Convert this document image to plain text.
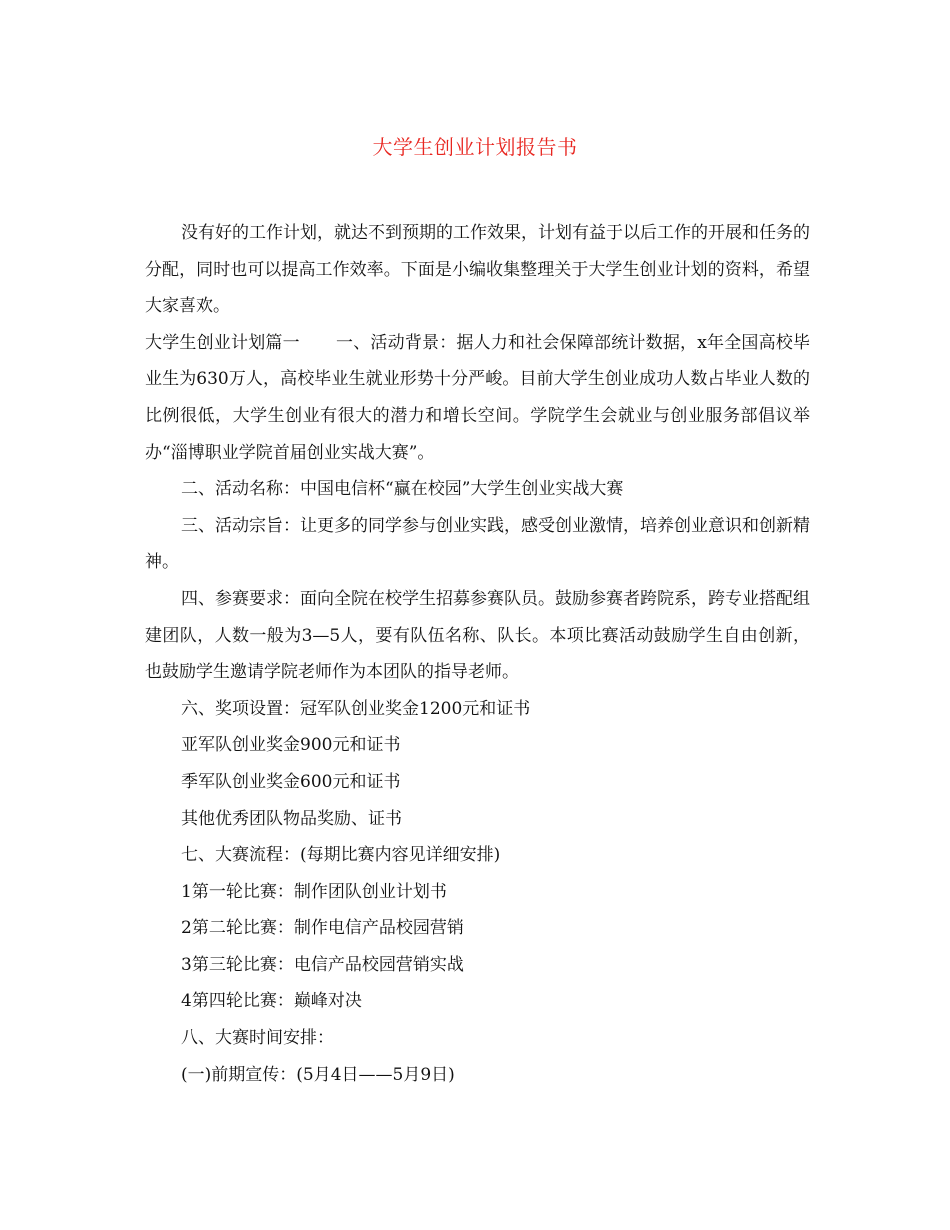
大学生创业计划报告书

没有好的工作计划，就达不到预期的工作效果，计划有益于以后工作的开展和任务的分配，同时也可以提高工作效率。下面是小编收集整理关于大学生创业计划的资料，希望大家喜欢。

大学生创业计划篇一 一、活动背景：据人力和社会保障部统计数据，x年全国高校毕业生为630万人，高校毕业生就业形势十分严峻。目前大学生创业成功人数占毕业人数的比例很低，大学生创业有很大的潜力和增长空间。学院学生会就业与创业服务部倡议举办“淄博职业学院首届创业实战大赛”。

二、活动名称：中国电信杯“赢在校园”大学生创业实战大赛

三、活动宗旨：让更多的同学参与创业实践，感受创业激情，培养创业意识和创新精神。

四、参赛要求：面向全院在校学生招募参赛队员。鼓励参赛者跨院系，跨专业搭配组建团队，人数一般为3—5人，要有队伍名称、队长。本项比赛活动鼓励学生自由创新，也鼓励学生邀请学院老师作为本团队的指导老师。

六、奖项设置：冠军队创业奖金1200元和证书

亚军队创业奖金900元和证书

季军队创业奖金600元和证书

其他优秀团队物品奖励、证书

七、大赛流程：(每期比赛内容见详细安排)

1第一轮比赛：制作团队创业计划书

2第二轮比赛：制作电信产品校园营销

3第三轮比赛：电信产品校园营销实战

4第四轮比赛：巅峰对决

八、大赛时间安排：

(一)前期宣传：(5月4日——5月9日)
